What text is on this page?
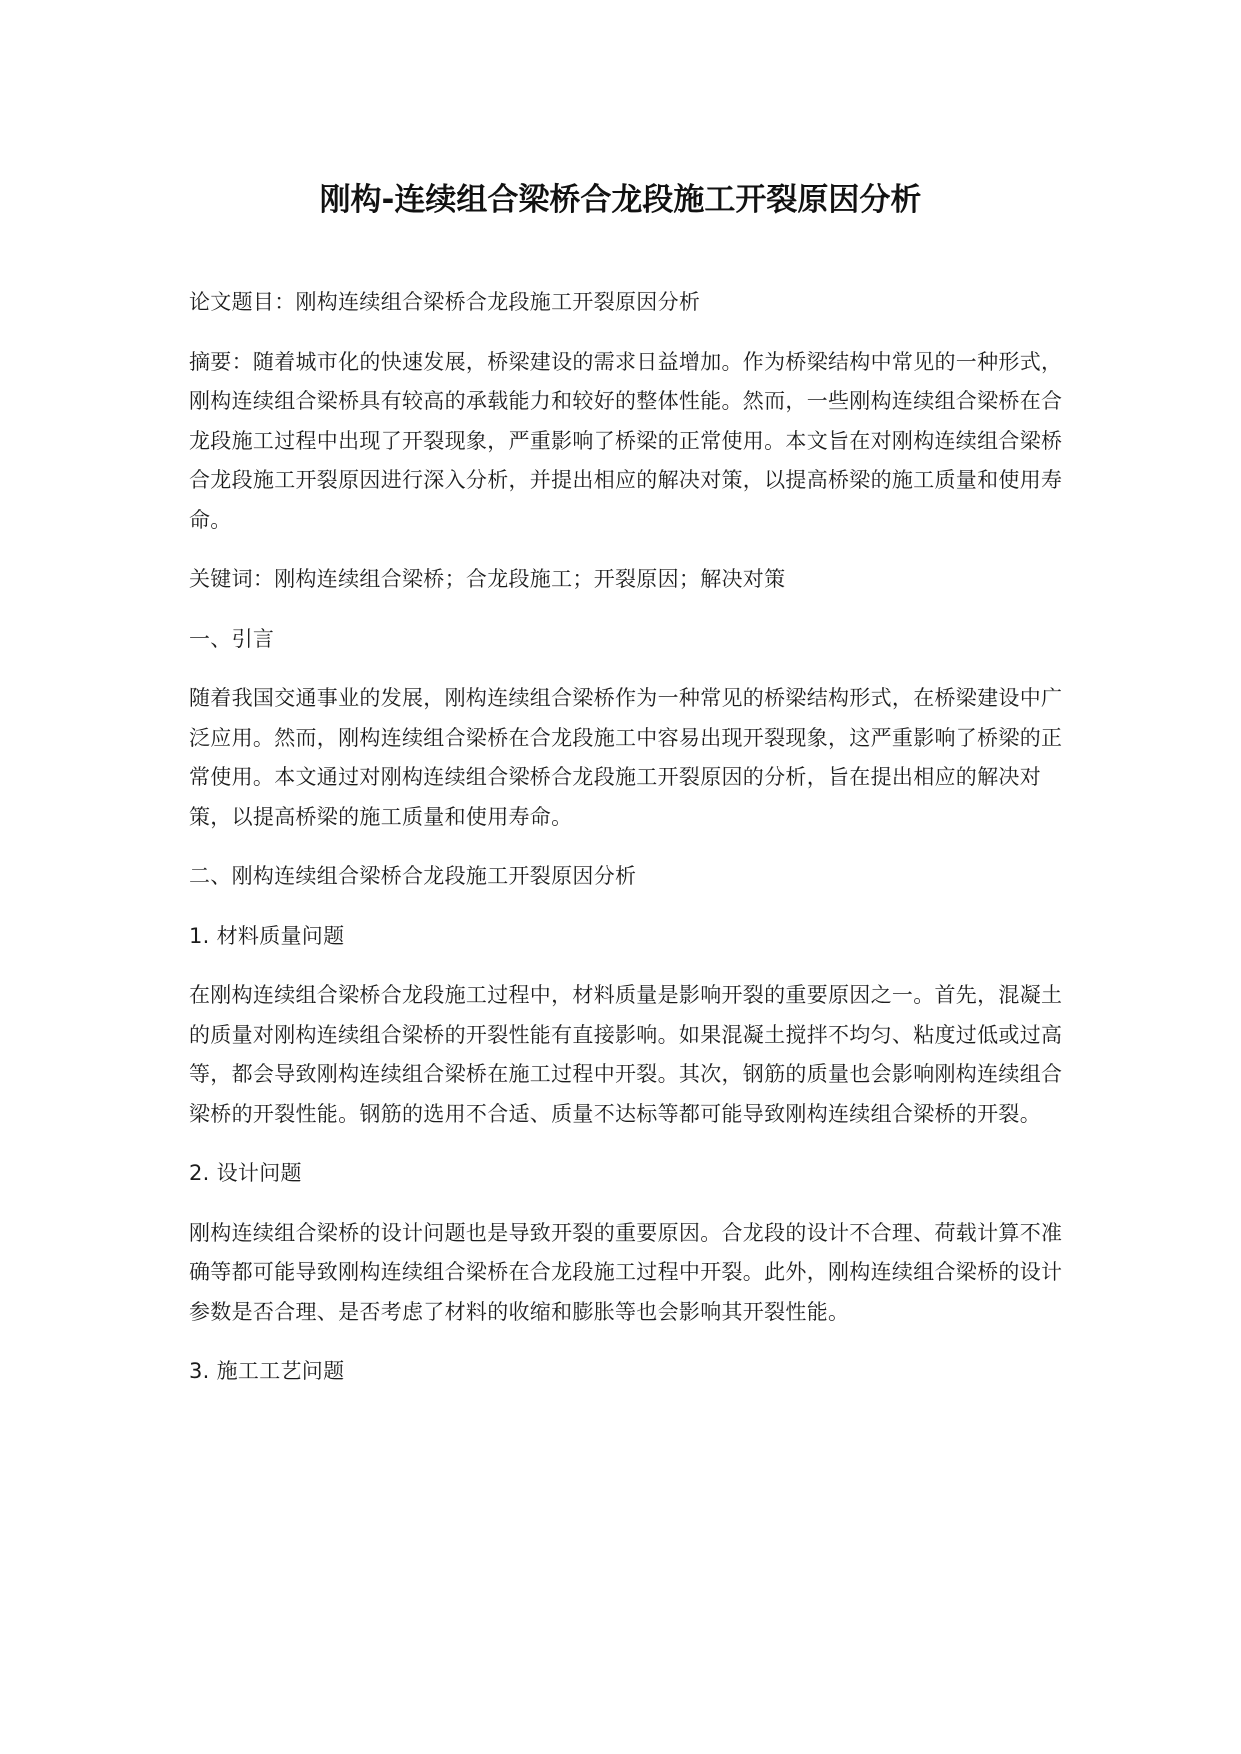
刚构-连续组合梁桥合龙段施工开裂原因分析

论文题目：刚构连续组合梁桥合龙段施工开裂原因分析

摘要：随着城市化的快速发展，桥梁建设的需求日益增加。作为桥梁结构中常见的一种形式，刚构连续组合梁桥具有较高的承载能力和较好的整体性能。然而，一些刚构连续组合梁桥在合龙段施工过程中出现了开裂现象，严重影响了桥梁的正常使用。本文旨在对刚构连续组合梁桥合龙段施工开裂原因进行深入分析，并提出相应的解决对策，以提高桥梁的施工质量和使用寿命。

关键词：刚构连续组合梁桥；合龙段施工；开裂原因；解决对策

一、引言

随着我国交通事业的发展，刚构连续组合梁桥作为一种常见的桥梁结构形式，在桥梁建设中广泛应用。然而，刚构连续组合梁桥在合龙段施工中容易出现开裂现象，这严重影响了桥梁的正常使用。本文通过对刚构连续组合梁桥合龙段施工开裂原因的分析，旨在提出相应的解决对策，以提高桥梁的施工质量和使用寿命。

二、刚构连续组合梁桥合龙段施工开裂原因分析

1. 材料质量问题

在刚构连续组合梁桥合龙段施工过程中，材料质量是影响开裂的重要原因之一。首先，混凝土的质量对刚构连续组合梁桥的开裂性能有直接影响。如果混凝土搅拌不均匀、粘度过低或过高等，都会导致刚构连续组合梁桥在施工过程中开裂。其次，钢筋的质量也会影响刚构连续组合梁桥的开裂性能。钢筋的选用不合适、质量不达标等都可能导致刚构连续组合梁桥的开裂。

2. 设计问题

刚构连续组合梁桥的设计问题也是导致开裂的重要原因。合龙段的设计不合理、荷载计算不准确等都可能导致刚构连续组合梁桥在合龙段施工过程中开裂。此外，刚构连续组合梁桥的设计参数是否合理、是否考虑了材料的收缩和膨胀等也会影响其开裂性能。

3. 施工工艺问题
